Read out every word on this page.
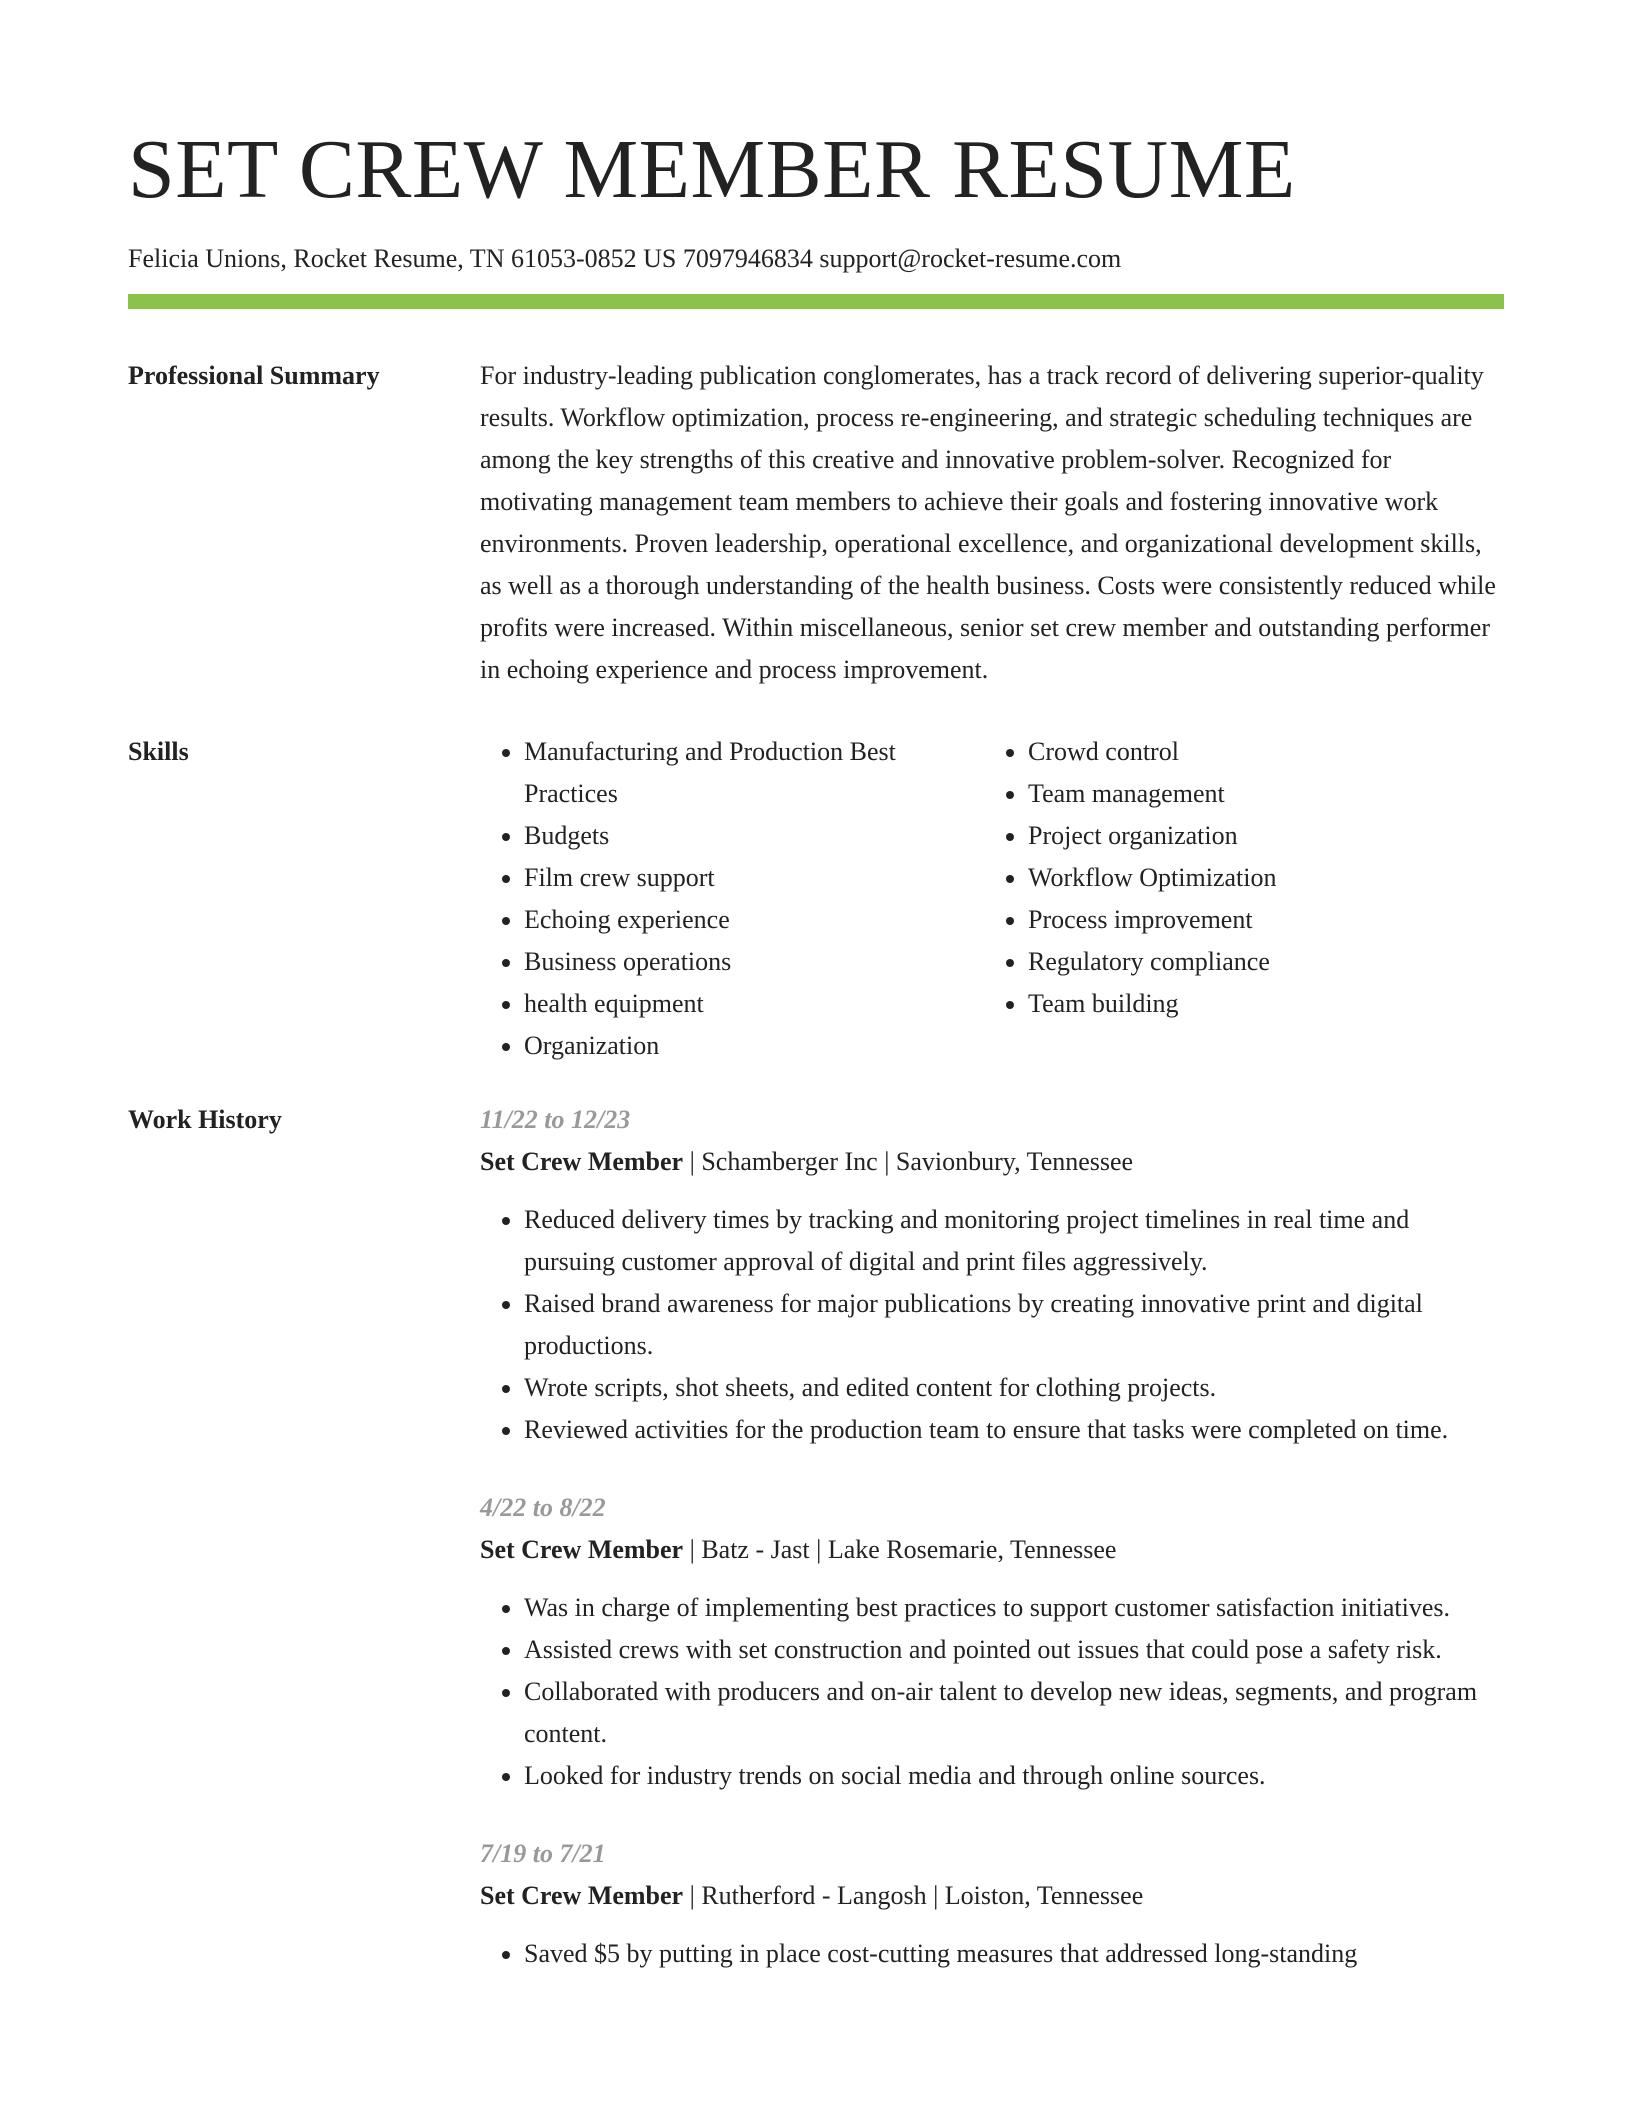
SET CREW MEMBER RESUME
Felicia Unions, Rocket Resume, TN 61053-0852 US 7097946834 support@rocket-resume.com
Professional Summary	For industry-leading publication conglomerates, has a track record of delivering superior-quality results. Workflow optimization, process re-engineering, and strategic scheduling techniques are among the key strengths of this creative and innovative problem-solver. Recognized for motivating management team members to achieve their goals and fostering innovative work environments. Proven leadership, operational excellence, and organizational development skills, as well as a thorough understanding of the health business. Costs were consistently reduced while profits were increased. Within miscellaneous, senior set crew member and outstanding performer in echoing experience and process improvement.

Skills
•	Manufacturing and Production Best Practices
• Budgets
• Film crew support
• Echoing experience
• Business operations
• health equipment
• Organization
• Crowd control
• Team management
• Project organization
• Workflow Optimization
• Process improvement
• Regulatory compliance
• Team building
Work History	11/22 to 12/23
Set Crew Member | Schamberger Inc | Savionbury, Tennessee
• Reduced delivery times by tracking and monitoring project timelines in real time and pursuing customer approval of digital and print files aggressively.
• Raised brand awareness for major publications by creating innovative print and digital productions.
• Wrote scripts, shot sheets, and edited content for clothing projects.
• Reviewed activities for the production team to ensure that tasks were completed on time.
4/22 to 8/22
Set Crew Member | Batz - Jast | Lake Rosemarie, Tennessee
• Was in charge of implementing best practices to support customer satisfaction initiatives.
• Assisted crews with set construction and pointed out issues that could pose a safety risk.
• Collaborated with producers and on-air talent to develop new ideas, segments, and program content.
• Looked for industry trends on social media and through online sources.
7/19 to 7/21
Set Crew Member | Rutherford - Langosh | Loiston, Tennessee
• Saved $5 by putting in place cost-cutting measures that addressed long-standing
